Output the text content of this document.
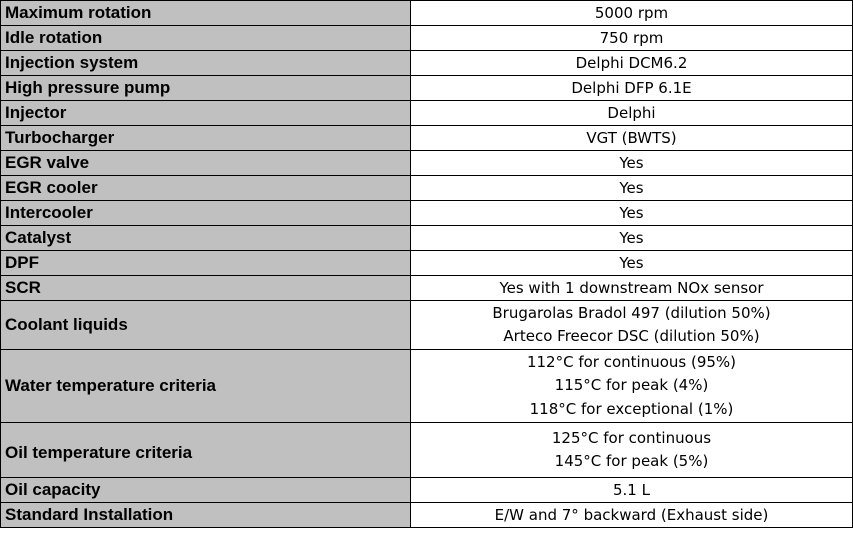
Maximum rotation	5000 rpm
Idle rotation	750 rpm
Injection system	Delphi DCM6.2
High pressure pump	Delphi DFP 6.1E
Injector	Delphi
Turbocharger	VGT (BWTS)
EGR valve	Yes
EGR cooler	Yes
Intercooler	Yes
Catalyst	Yes
DPF	Yes
SCR	Yes with 1 downstream NOx sensor
Coolant liquids	Brugarolas Bradol 497 (dilution 50%)
Arteco Freecor DSC (dilution 50%)

Water temperature criteria	112°C for continuous (95%)
115°C for peak (4%)
118°C for exceptional (1%)

Oil temperature criteria	125°C for continuous
145°C for peak (5%)

Oil capacity	5.1 L
Standard Installation	E/W and 7° backward (Exhaust side)
